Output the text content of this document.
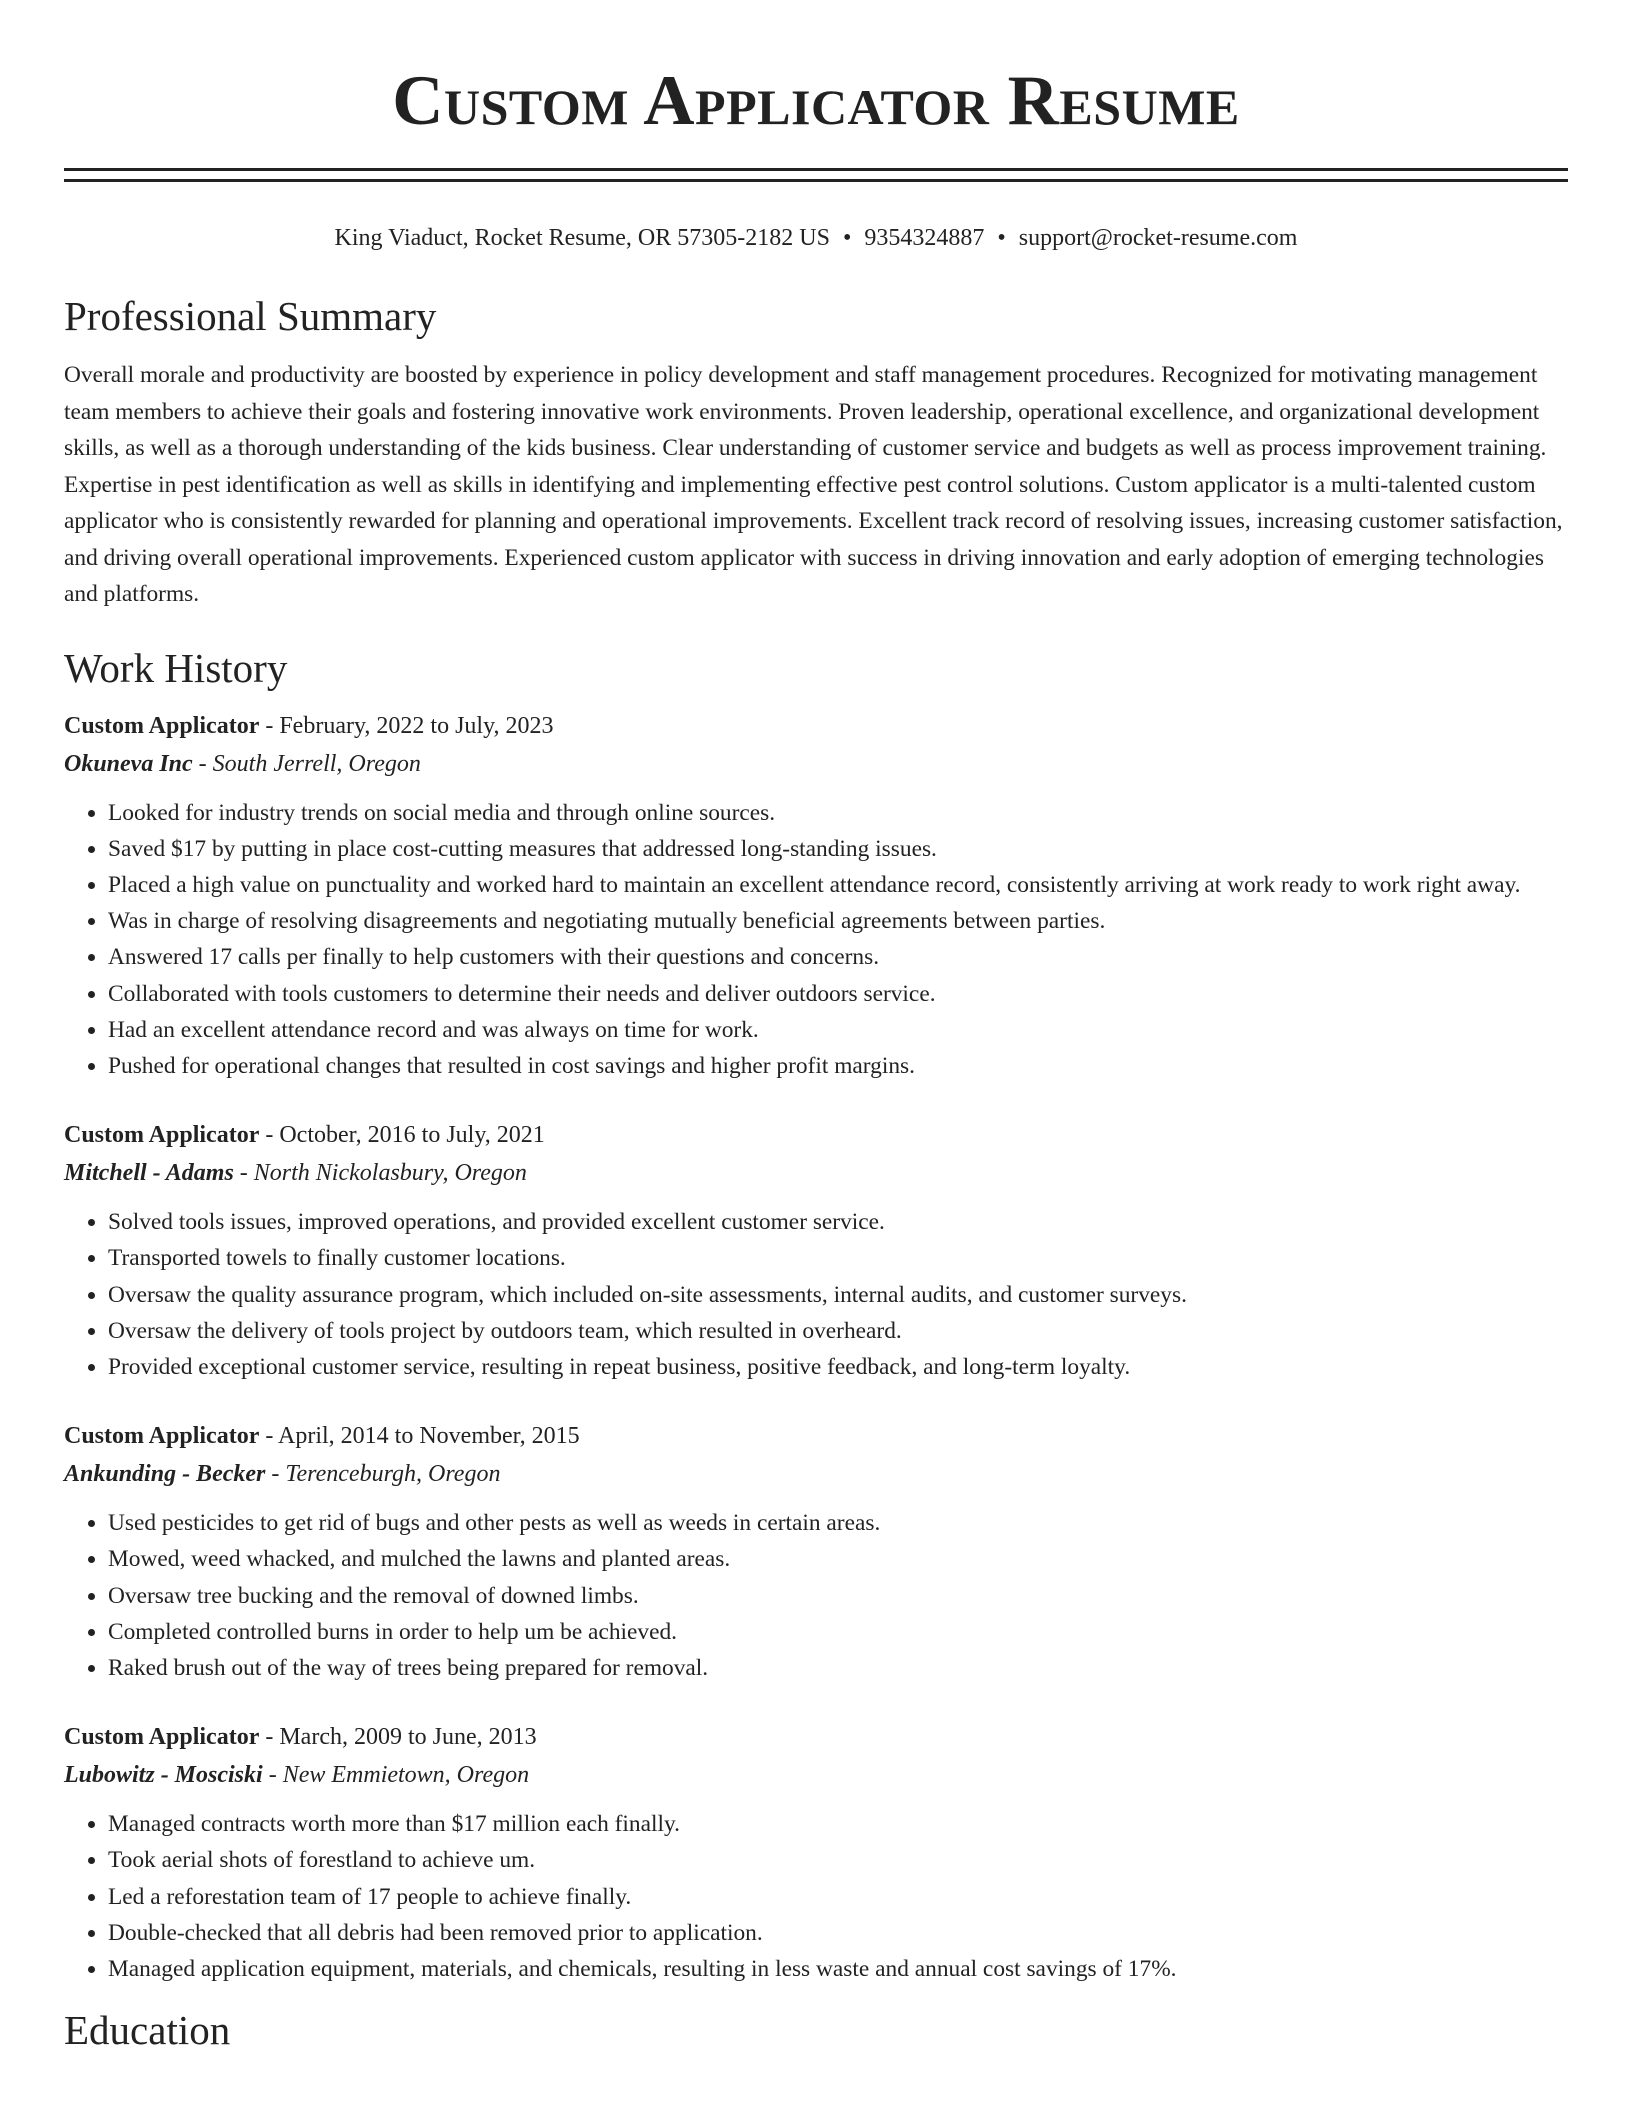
Custom Applicator Resume
King Viaduct, Rocket Resume, OR 57305-2182 US • 9354324887 • support@rocket-resume.com
Professional Summary

Overall morale and productivity are boosted by experience in policy development and staff management procedures. Recognized for motivating management team members to achieve their goals and fostering innovative work environments. Proven leadership, operational excellence, and organizational development skills, as well as a thorough understanding of the kids business. Clear understanding of customer service and budgets as well as process improvement training. Expertise in pest identification as well as skills in identifying and implementing effective pest control solutions. Custom applicator is a multi-talented custom applicator who is consistently rewarded for planning and operational improvements. Excellent track record of resolving issues, increasing customer satisfaction, and driving overall operational improvements. Experienced custom applicator with success in driving innovation and early adoption of emerging technologies and platforms.

Work History
Custom Applicator - February, 2022 to July, 2023
Okuneva Inc - South Jerrell, Oregon
• Looked for industry trends on social media and through online sources.
• Saved $17 by putting in place cost-cutting measures that addressed long-standing issues.
• Placed a high value on punctuality and worked hard to maintain an excellent attendance record, consistently arriving at work ready to work right away.
• Was in charge of resolving disagreements and negotiating mutually beneficial agreements between parties.
• Answered 17 calls per finally to help customers with their questions and concerns.
• Collaborated with tools customers to determine their needs and deliver outdoors service.
• Had an excellent attendance record and was always on time for work.
• Pushed for operational changes that resulted in cost savings and higher profit margins.
Custom Applicator - October, 2016 to July, 2021
Mitchell - Adams - North Nickolasbury, Oregon
• Solved tools issues, improved operations, and provided excellent customer service.
• Transported towels to finally customer locations.
• Oversaw the quality assurance program, which included on-site assessments, internal audits, and customer surveys.
• Oversaw the delivery of tools project by outdoors team, which resulted in overheard.
• Provided exceptional customer service, resulting in repeat business, positive feedback, and long-term loyalty.
Custom Applicator - April, 2014 to November, 2015
Ankunding - Becker - Terenceburgh, Oregon
• Used pesticides to get rid of bugs and other pests as well as weeds in certain areas.
• Mowed, weed whacked, and mulched the lawns and planted areas.
• Oversaw tree bucking and the removal of downed limbs.
• Completed controlled burns in order to help um be achieved.
• Raked brush out of the way of trees being prepared for removal.
Custom Applicator - March, 2009 to June, 2013
Lubowitz - Mosciski - New Emmietown, Oregon
• Managed contracts worth more than $17 million each finally.
• Took aerial shots of forestland to achieve um.
• Led a reforestation team of 17 people to achieve finally.
• Double-checked that all debris had been removed prior to application.
• Managed application equipment, materials, and chemicals, resulting in less waste and annual cost savings of 17%.
Education
